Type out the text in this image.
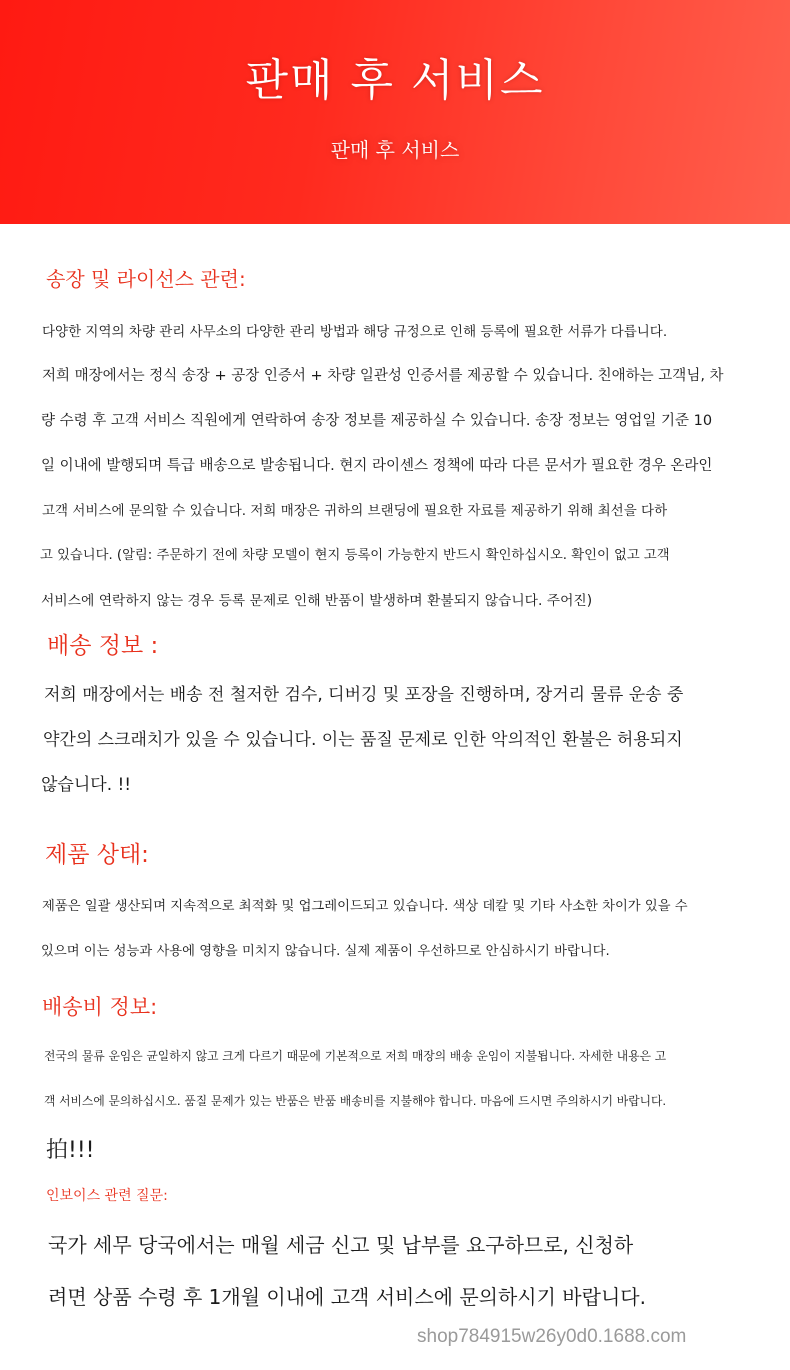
판매 후 서비스
판매 후 서비스
송장 및 라이선스 관련:
다양한 지역의 차량 관리 사무소의 다양한 관리 방법과 해당 규정으로 인해 등록에 필요한 서류가 다릅니다.
저희 매장에서는 정식 송장 + 공장 인증서 + 차량 일관성 인증서를 제공할 수 있습니다. 친애하는 고객님, 차
량 수령 후 고객 서비스 직원에게 연락하여 송장 정보를 제공하실 수 있습니다. 송장 정보는 영업일 기준 10
일 이내에 발행되며 특급 배송으로 발송됩니다. 현지 라이센스 정책에 따라 다른 문서가 필요한 경우 온라인
고객 서비스에 문의할 수 있습니다. 저희 매장은 귀하의 브랜딩에 필요한 자료를 제공하기 위해 최선을 다하
고 있습니다. (알림: 주문하기 전에 차량 모델이 현지 등록이 가능한지 반드시 확인하십시오. 확인이 없고 고객
서비스에 연락하지 않는 경우 등록 문제로 인해 반품이 발생하며 환불되지 않습니다. 주어진)
배송 정보 :
저희 매장에서는 배송 전 철저한 검수, 디버깅 및 포장을 진행하며, 장거리 물류 운송 중
약간의 스크래치가 있을 수 있습니다. 이는 품질 문제로 인한 악의적인 환불은 허용되지
않습니다. !!
제품 상태:
제품은 일괄 생산되며 지속적으로 최적화 및 업그레이드되고 있습니다. 색상 데칼 및 기타 사소한 차이가 있을 수
있으며 이는 성능과 사용에 영향을 미치지 않습니다. 실제 제품이 우선하므로 안심하시기 바랍니다.
배송비 정보:
전국의 물류 운임은 균일하지 않고 크게 다르기 때문에 기본적으로 저희 매장의 배송 운임이 지불됩니다. 자세한 내용은 고
객 서비스에 문의하십시오. 품질 문제가 있는 반품은 반품 배송비를 지불해야 합니다. 마음에 드시면 주의하시기 바랍니다.
拍!!!
인보이스 관련 질문:
국가 세무 당국에서는 매월 세금 신고 및 납부를 요구하므로, 신청하
려면 상품 수령 후 1개월 이내에 고객 서비스에 문의하시기 바랍니다.
shop784915w26y0d0.1688.com
